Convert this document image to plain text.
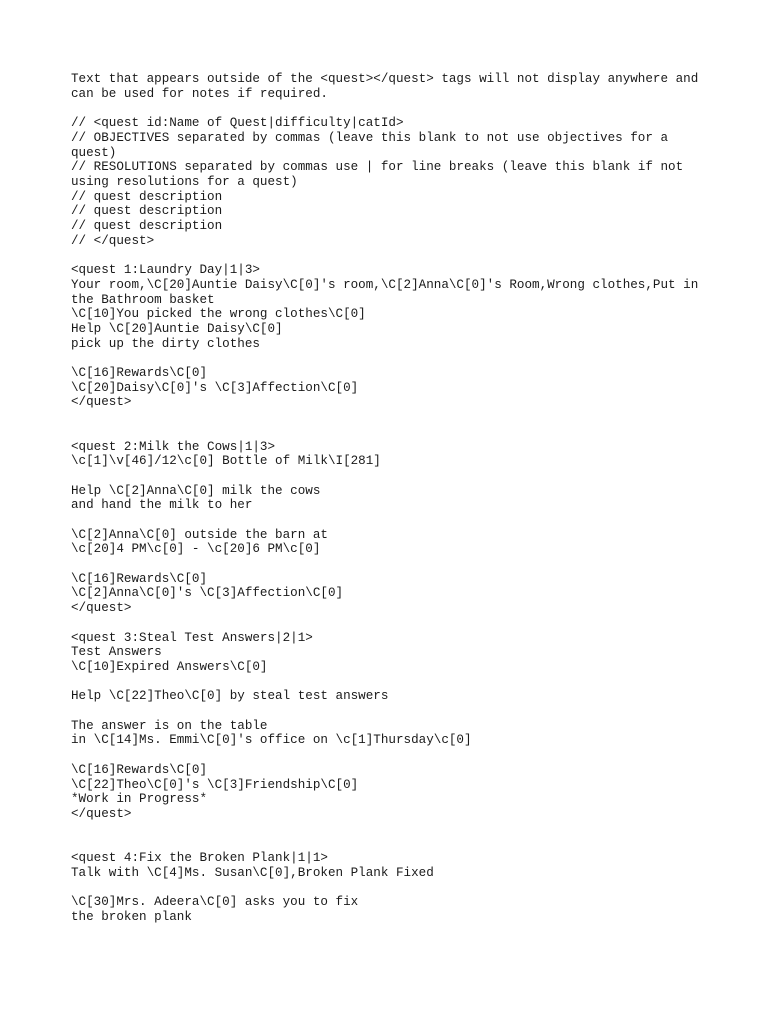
Text that appears outside of the <quest></quest> tags will not display anywhere and
can be used for notes if required.
// <quest id:Name of Quest|difficulty|catId>
// OBJECTIVES separated by commas (leave this blank to not use objectives for a
quest)
// RESOLUTIONS separated by commas use | for line breaks (leave this blank if not
using resolutions for a quest)
// quest description
// quest description
// quest description
// </quest>
<quest 1:Laundry Day|1|3>
Your room,\C[20]Auntie Daisy\C[0]'s room,\C[2]Anna\C[0]'s Room,Wrong clothes,Put in
the Bathroom basket
\C[10]You picked the wrong clothes\C[0]
Help \C[20]Auntie Daisy\C[0]
pick up the dirty clothes
\C[16]Rewards\C[0]
\C[20]Daisy\C[0]'s \C[3]Affection\C[0]
</quest>
<quest 2:Milk the Cows|1|3>
\c[1]\v[46]/12\c[0] Bottle of Milk\I[281]
Help \C[2]Anna\C[0] milk the cows
and hand the milk to her
\C[2]Anna\C[0] outside the barn at
\c[20]4 PM\c[0] - \c[20]6 PM\c[0]
\C[16]Rewards\C[0]
\C[2]Anna\C[0]'s \C[3]Affection\C[0]
</quest>
<quest 3:Steal Test Answers|2|1>
Test Answers
\C[10]Expired Answers\C[0]
Help \C[22]Theo\C[0] by steal test answers
The answer is on the table
in \C[14]Ms. Emmi\C[0]'s office on \c[1]Thursday\c[0]
\C[16]Rewards\C[0]
\C[22]Theo\C[0]'s \C[3]Friendship\C[0]
*Work in Progress*
</quest>
<quest 4:Fix the Broken Plank|1|1>
Talk with \C[4]Ms. Susan\C[0],Broken Plank Fixed
\C[30]Mrs. Adeera\C[0] asks you to fix
the broken plank
